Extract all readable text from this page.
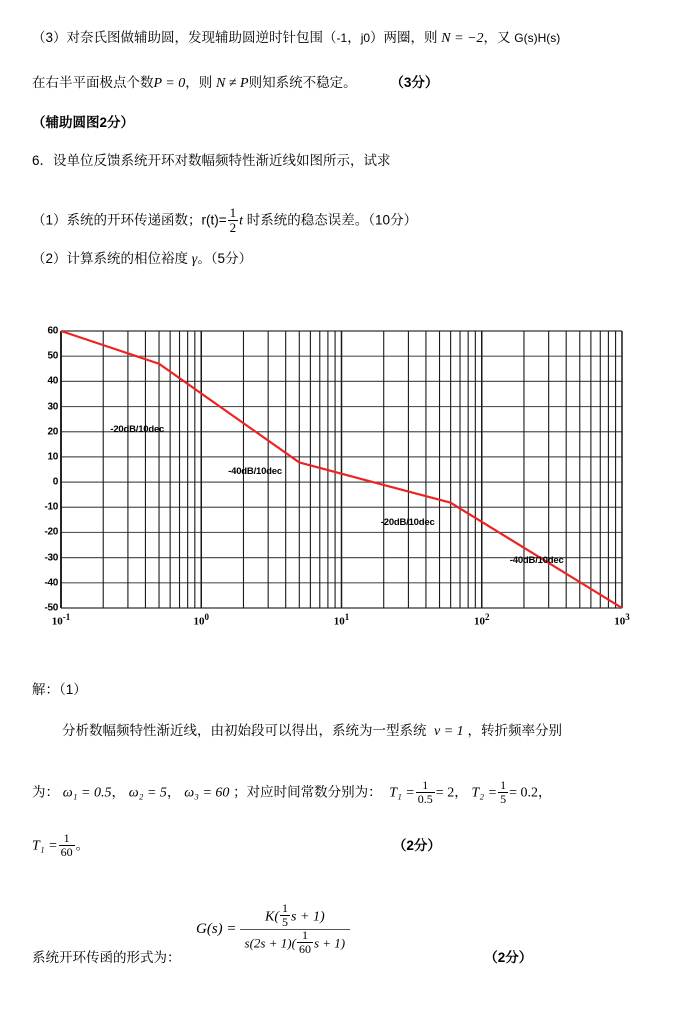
（3）对奈氏图做辅助圆，发现辅助圆逆时针包围（-1，j0）两圈，则 N = −2，又 G(s)H(s)
在右半平面极点个数P = 0，则 N ≠ P则知系统不稳定。	（3分）
（辅助圆图2分）
6．设单位反馈系统开环对数幅频特性渐近线如图所示，试求
（1）系统的开环传递函数；$r(t)= \frac{1}{2}$ t 时系统的稳态误差。（10分）
（2）计算系统的相位裕度 γ。（5分）
60
50
40
30
20
10
0
-10
-20
-30
-40
-50
$10^{-1}$	$10^0$	$10^1$	$10^2$	$10^3$
-20dB/10dec
-40dB/10dec
-20dB/10dec
-40dB/10dec
解：（1）
分析数幅频特性渐近线，由初始段可以得出，系统为一型系统 ν = 1 ，转折频率分别
为： ω₁ = 0.5， ω₂ = 5， ω₃ = 60 ；对应时间常数分别为： $T_1 = \frac{1}{0.5} = 2$， $T_2 = \frac{1}{5} = 0.2$，
$T_1 = \frac{1}{60}$ 。	（2分）
系统开环传函的形式为：	（2分）
$G(s) = \frac{K( \frac{1}{5} s + 1)}{s(2s + 1)( \frac{1}{60} s + 1)}$
